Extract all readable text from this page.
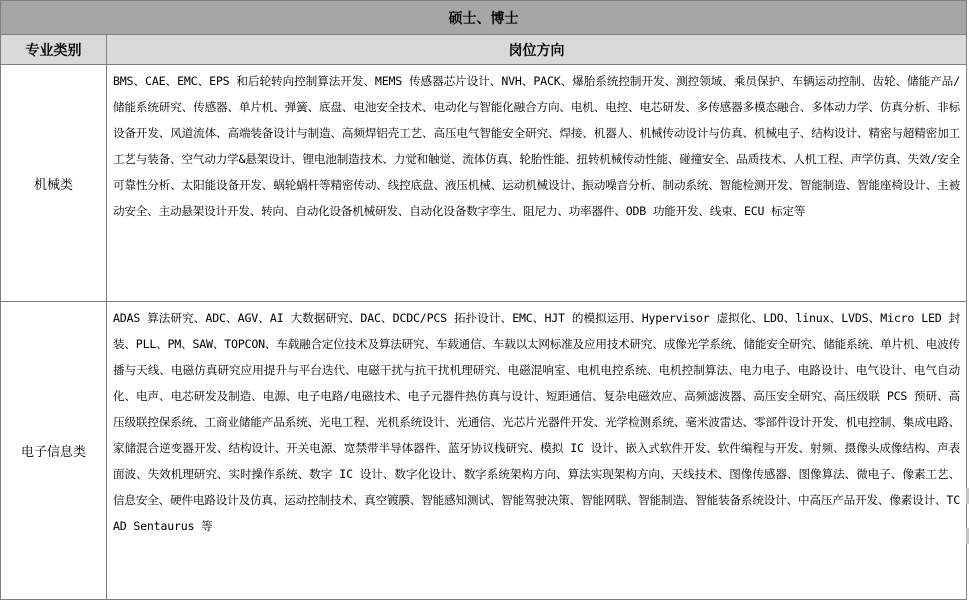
硕士、博士	
专业类别	岗位方向
机械类	BMS、CAE、EMC、EPS 和后轮转向控制算法开发、MEMS 传感器芯片设计、NVH、PACK、爆胎系统控制开发、测控领域、乘员保护、车辆运动控制、齿轮、储能产品/储能系统研究、传感器、单片机、弹簧、底盘、电池安全技术、电动化与智能化融合方向、电机、电控、电芯研发、多传感器多模态融合、多体动力学、仿真分析、非标设备开发、风道流体、高端装备设计与制造、高频焊铝壳工艺、高压电气智能安全研究、焊接、机器人、机械传动设计与仿真、机械电子、结构设计、精密与超精密加工工艺与装备、空气动力学&悬架设计、锂电池制造技术、力觉和触觉、流体仿真、轮胎性能、扭转机械传动性能、碰撞安全、品质技术、人机工程、声学仿真、失效/安全可靠性分析、太阳能设备开发、蜗轮蜗杆等精密传动、线控底盘、液压机械、运动机械设计、振动噪音分析、制动系统、智能检测开发、智能制造、智能座椅设计、主被动安全、主动悬架设计开发、转向、自动化设备机械研发、自动化设备数字孪生、阻尼力、功率器件、ODB 功能开发、线束、ECU 标定等
电子信息类	ADAS 算法研究、ADC、AGV、AI 大数据研究、DAC、DCDC/PCS 拓扑设计、EMC、HJT 的模拟运用、Hypervisor 虚拟化、LDO、linux、LVDS、Micro LED 封装、PLL、PM、SAW、TOPCON、车载融合定位技术及算法研究、车载通信、车载以太网标准及应用技术研究、成像光学系统、储能安全研究、储能系统、单片机、电波传播与天线、电磁仿真研究应用提升与平台迭代、电磁干扰与抗干扰机理研究、电磁混响室、电机电控系统、电机控制算法、电力电子、电路设计、电气设计、电气自动化、电声、电芯研发及制造、电源、电子电路/电磁技术、电子元器件热仿真与设计、短距通信、复杂电磁效应、高频滤波器、高压安全研究、高压级联 PCS 预研、高压级联控保系统、工商业储能产品系统、光电工程、光机系统设计、光通信、光芯片光器件开发、光学检测系统、毫米波雷达、零部件设计开发、机电控制、集成电路、家储混合逆变器开发、结构设计、开关电源、宽禁带半导体器件、蓝牙协议栈研究、模拟 IC 设计、嵌入式软件开发、软件编程与开发、射频、摄像头成像结构、声表面波、失效机理研究、实时操作系统、数字 IC 设计、数字化设计、数字系统架构方向、算法实现架构方向、天线技术、图像传感器、图像算法、微电子、像素工艺、信息安全、硬件电路设计及仿真、运动控制技术、真空镀膜、智能感知测试、智能驾驶决策、智能网联、智能制造、智能装备系统设计、中高压产品开发、像素设计、TCAD Sentaurus 等
